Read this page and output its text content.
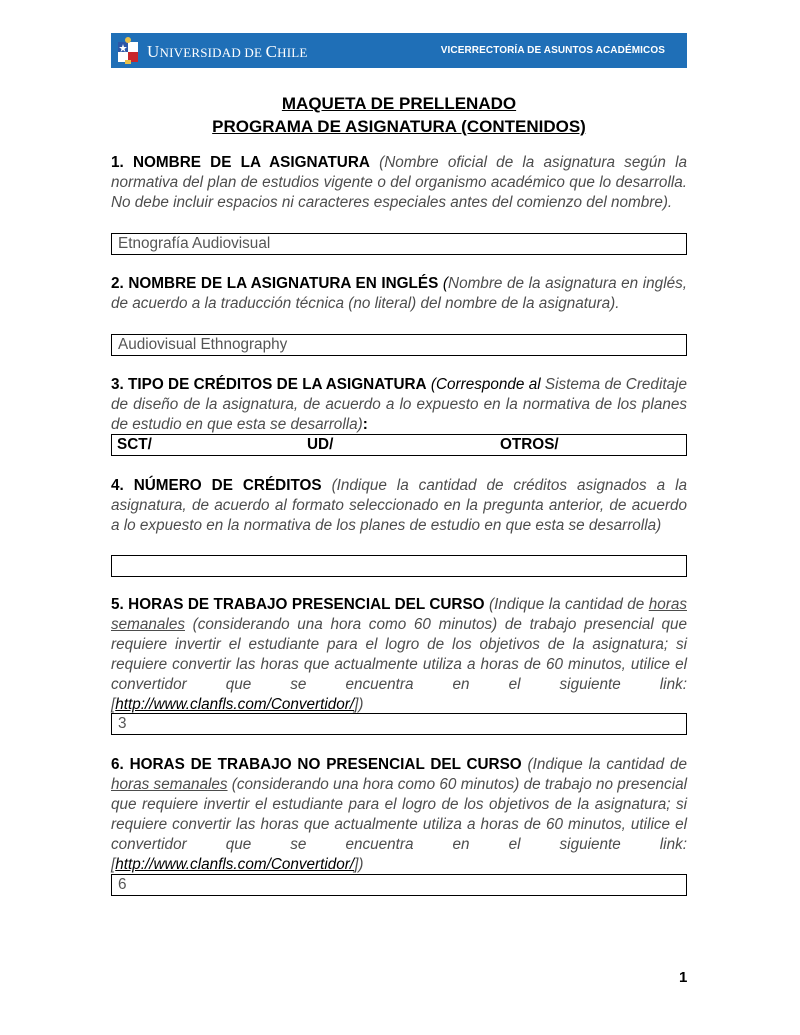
UNIVERSIDAD DE CHILE	VICERRECTORÍA DE ASUNTOS ACADÉMICOS
MAQUETA DE PRELLENADO
PROGRAMA DE ASIGNATURA (CONTENIDOS)
1. NOMBRE DE LA ASIGNATURA (Nombre oficial de la asignatura según la normativa del plan de estudios vigente o del organismo académico que lo desarrolla. No debe incluir espacios ni caracteres especiales antes del comienzo del nombre).
Etnografía Audiovisual
2. NOMBRE DE LA ASIGNATURA EN INGLÉS (Nombre de la asignatura en inglés, de acuerdo a la traducción técnica (no literal) del nombre de la asignatura).
Audiovisual Ethnography
3. TIPO DE CRÉDITOS DE LA ASIGNATURA (Corresponde al Sistema de Creditaje de diseño de la asignatura, de acuerdo a lo expuesto en la normativa de los planes de estudio en que esta se desarrolla):
SCT/	UD/	OTROS/
4. NÚMERO DE CRÉDITOS (Indique la cantidad de créditos asignados a la asignatura, de acuerdo al formato seleccionado en la pregunta anterior, de acuerdo a lo expuesto en la normativa de los planes de estudio en que esta se desarrolla)
5. HORAS DE TRABAJO PRESENCIAL DEL CURSO (Indique la cantidad de horas semanales (considerando una hora como 60 minutos) de trabajo presencial que requiere invertir el estudiante para el logro de los objetivos de la asignatura; si requiere convertir las horas que actualmente utiliza a horas de 60 minutos, utilice el convertidor que se encuentra en el siguiente link: [http://www.clanfls.com/Convertidor/])
3
6. HORAS DE TRABAJO NO PRESENCIAL DEL CURSO (Indique la cantidad de horas semanales (considerando una hora como 60 minutos) de trabajo no presencial que requiere invertir el estudiante para el logro de los objetivos de la asignatura; si requiere convertir las horas que actualmente utiliza a horas de 60 minutos, utilice el convertidor que se encuentra en el siguiente link: [http://www.clanfls.com/Convertidor/])
6
1
